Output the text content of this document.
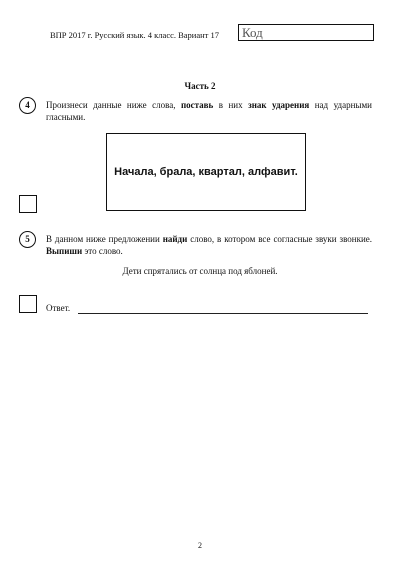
ВПР 2017 г. Русский язык. 4 класс. Вариант 17	Код
Часть 2
4	Произнеси данные ниже слова, поставь в них знак ударения над ударными гласными.
Начала, брала, квартал, алфавит.
5	В данном ниже предложении найди слово, в котором все согласные звуки звонкие. Выпиши это слово.
Дети спрятались от солнца под яблоней.
Ответ.
2
